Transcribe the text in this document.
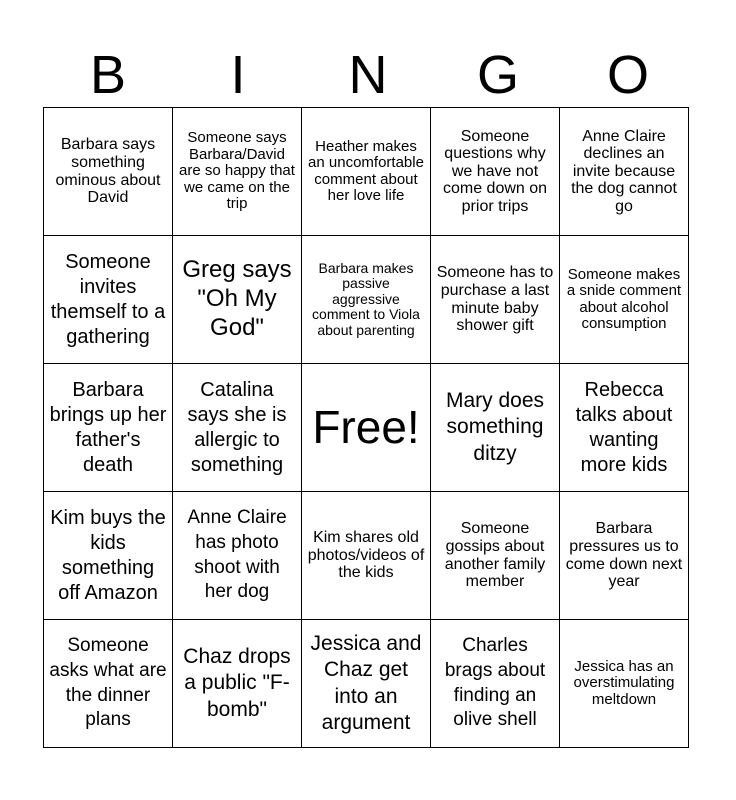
B	I	N	G	O
Barbara says something ominous about David	Someone says Barbara/David are so happy that we came on the trip	Heather makes an uncomfortable comment about her love life	Someone questions why we have not come down on prior trips	Anne Claire declines an invite because the dog cannot go
Someone invites themself to a gathering	Greg says "Oh My God"	Barbara makes passive aggressive comment to Viola about parenting	Someone has to purchase a last minute baby shower gift	Someone makes a snide comment about alcohol consumption
Barbara brings up her father's death	Catalina says she is allergic to something	Free!	Mary does something ditzy	Rebecca talks about wanting more kids
Kim buys the kids something off Amazon	Anne Claire has photo shoot with her dog	Kim shares old photos/videos of the kids	Someone gossips about another family member	Barbara pressures us to come down next year
Someone asks what are the dinner plans	Chaz drops a public "F-bomb"	Jessica and Chaz get into an argument	Charles brags about finding an olive shell	Jessica has an overstimulating meltdown
